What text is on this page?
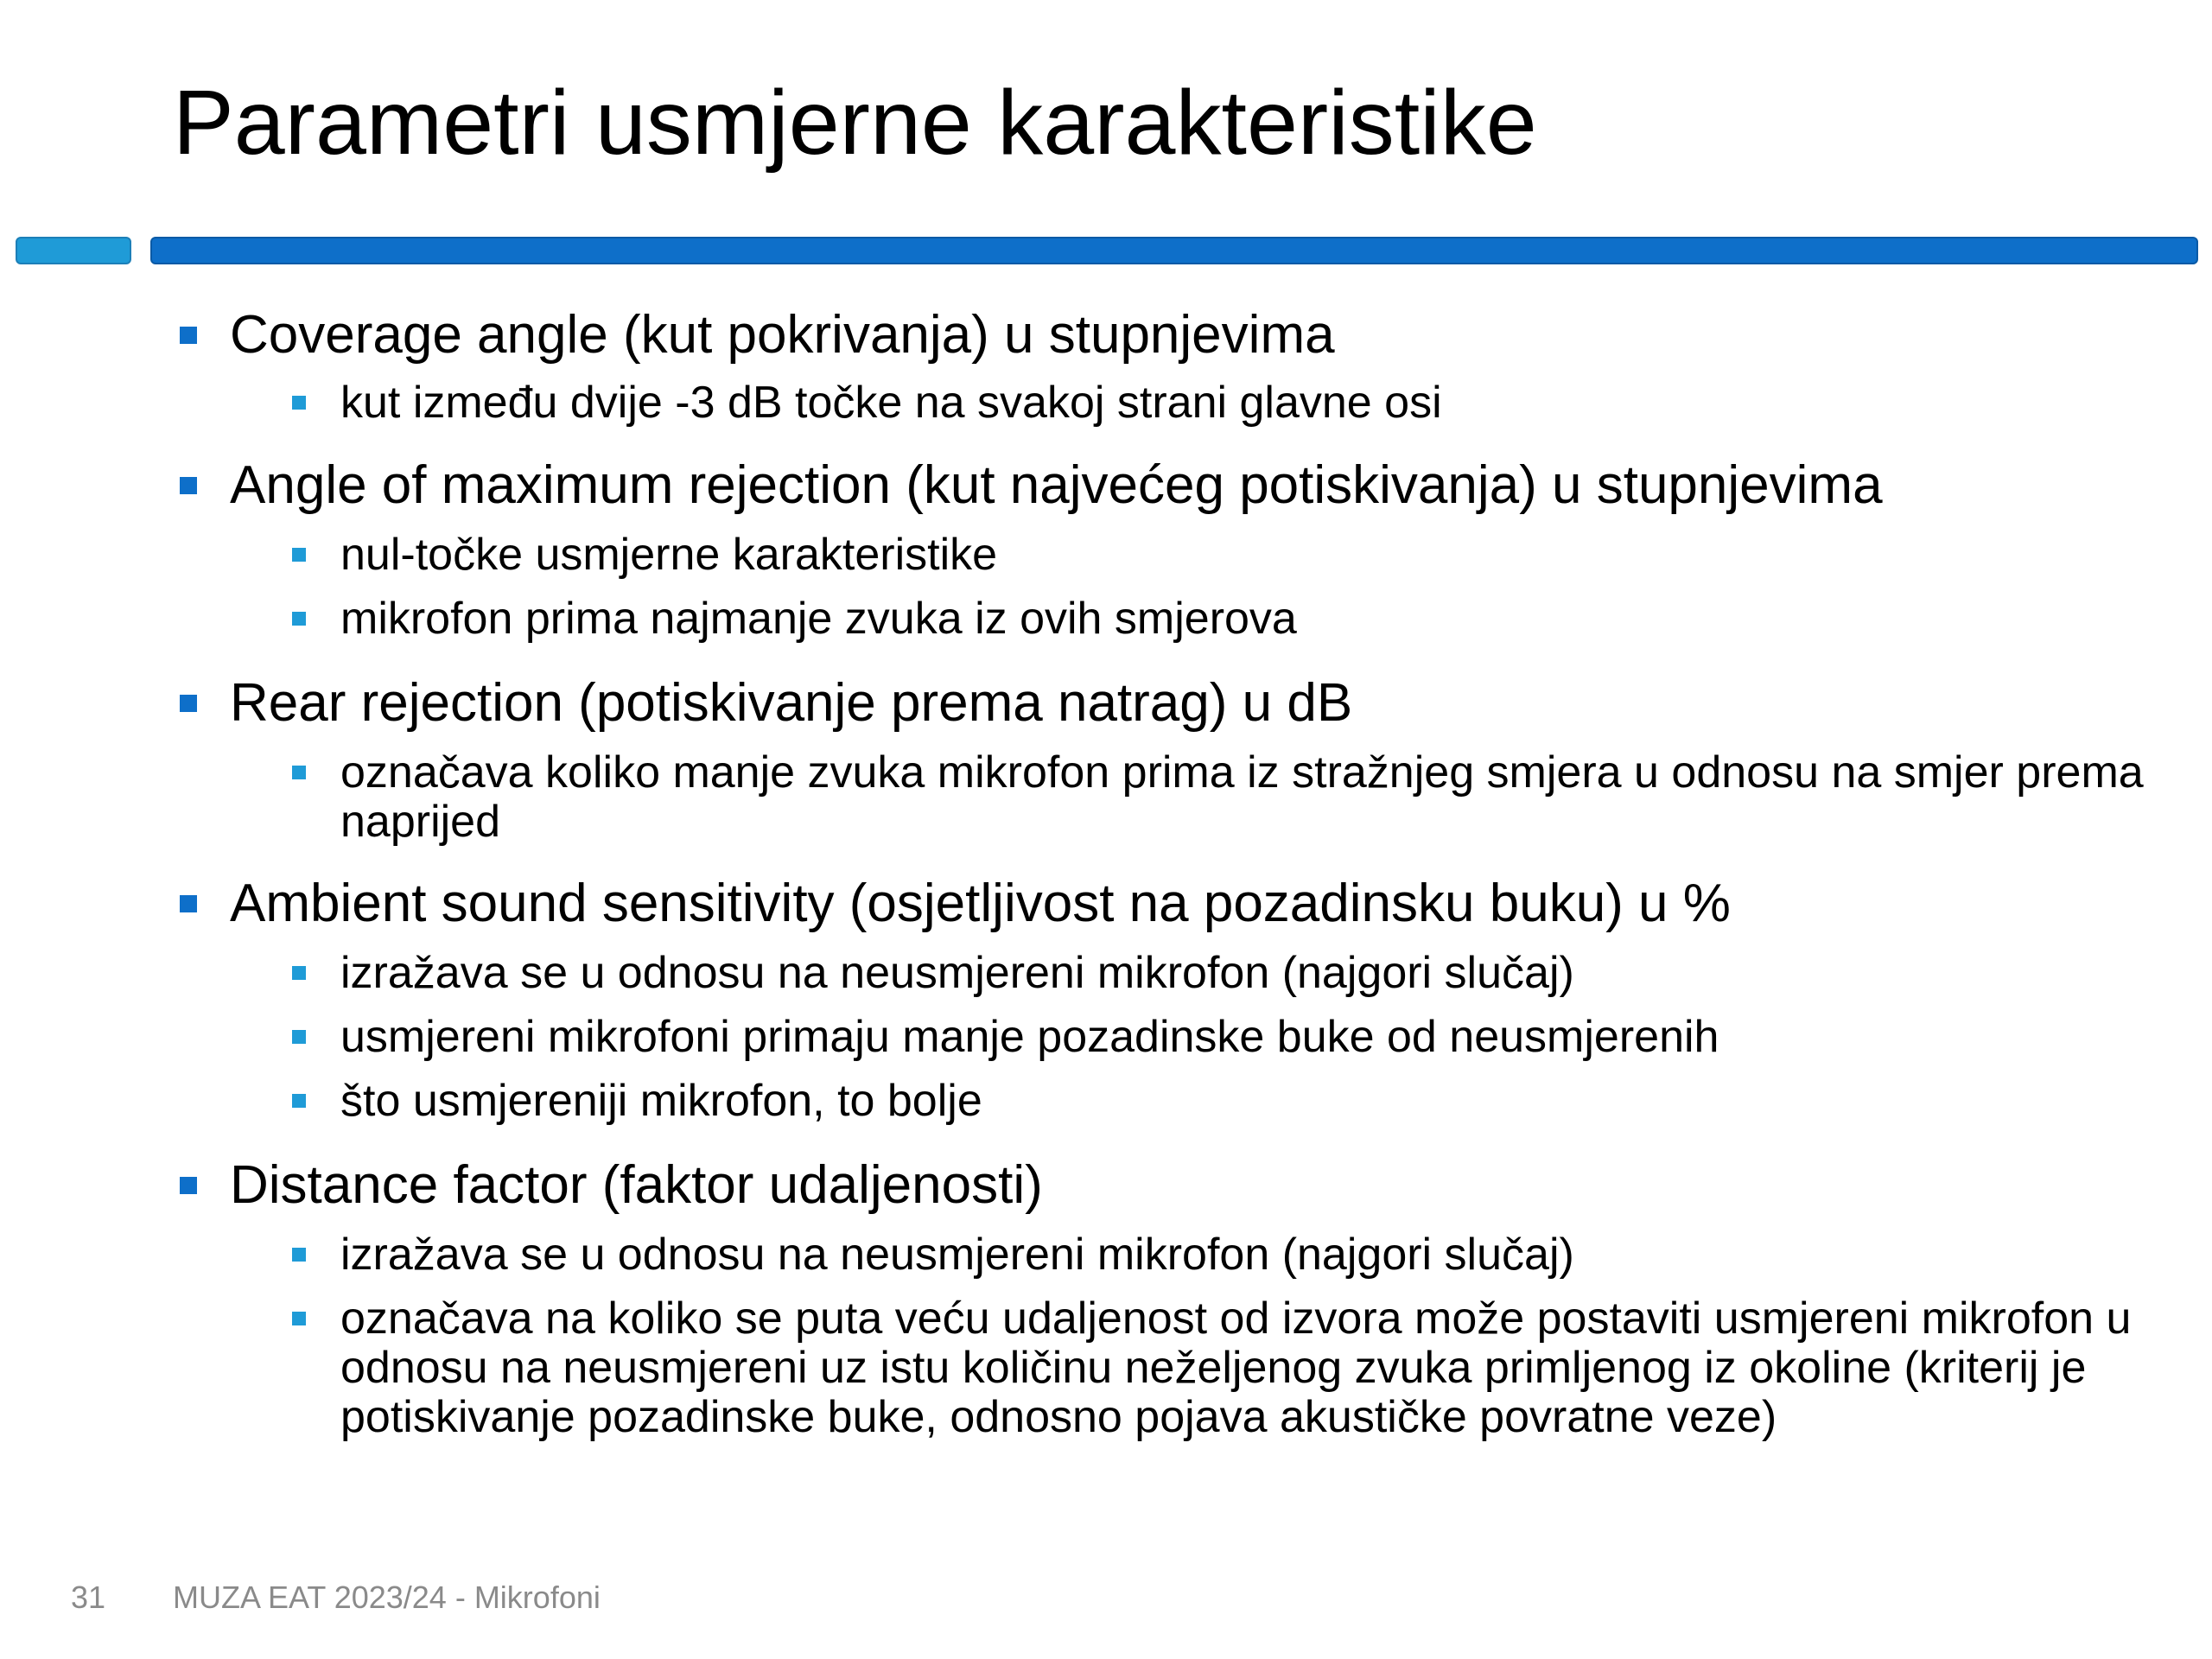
Parametri usmjerne karakteristike
Coverage angle (kut pokrivanja) u stupnjevima
kut između dvije -3 dB točke na svakoj strani glavne osi
Angle of maximum rejection (kut najvećeg potiskivanja) u stupnjevima
nul-točke usmjerne karakteristike
mikrofon prima najmanje zvuka iz ovih smjerova
Rear rejection (potiskivanje prema natrag) u dB
označava koliko manje zvuka mikrofon prima iz stražnjeg smjera u odnosu na smjer prema naprijed
Ambient sound sensitivity (osjetljivost na pozadinsku buku) u %
izražava se u odnosu na neusmjereni mikrofon (najgori slučaj)
usmjereni mikrofoni primaju manje pozadinske buke od neusmjerenih
što usmjereniji mikrofon, to bolje
Distance factor (faktor udaljenosti)
izražava se u odnosu na neusmjereni mikrofon (najgori slučaj)
označava na koliko se puta veću udaljenost od izvora može postaviti usmjereni mikrofon u odnosu na neusmjereni uz istu količinu neželjenog zvuka primljenog iz okoline (kriterij je potiskivanje pozadinske buke, odnosno pojava akustičke povratne veze)
31 MUZA EAT 2023/24 - Mikrofoni
